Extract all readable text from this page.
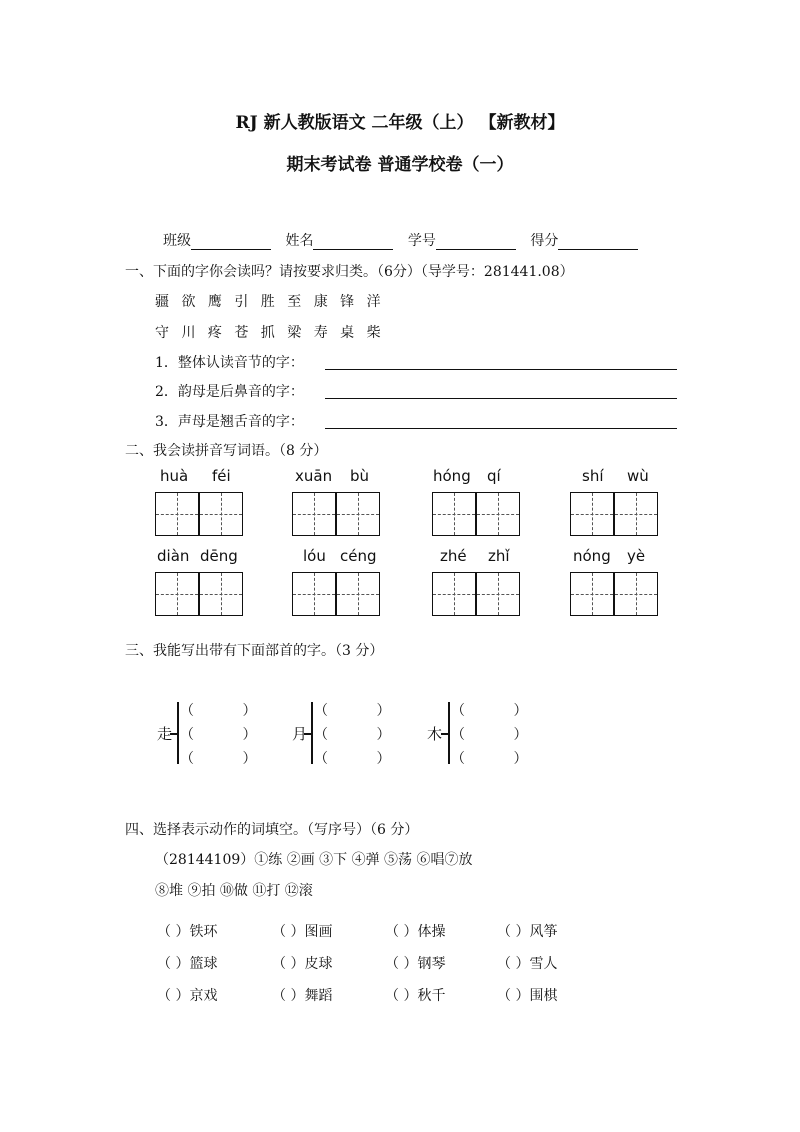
RJ 新人教版语文 二年级（上） 【新教材】
期末考试卷 普通学校卷（一）
班级	姓名	学号	得分
一、下面的字你会读吗？请按要求归类。（6分）（导学号：281441.08）
疆 欲 鹰 引 胜 至 康 锋 洋
守 川 疼 苍 抓 梁 寿 桌 柴
1．整体认读音节的字：
2．韵母是后鼻音的字：
3．声母是翘舌音的字：
二、我会读拼音写词语。（8 分）
huà féi	xuān bù	hóng qí	shí wù
diàn dēng	lóu céng	zhé zhǐ	nóng yè
三、我能写出带有下面部首的字。（3 分）
走
（ ）
（ ）
（ ）
月
（ ）
（ ）
（ ）
木
（ ）
（ ）
（ ）
四、选择表示动作的词填空。（写序号）（6 分）
（28144109）①练 ②画 ③下 ④弹 ⑤荡 ⑥唱⑦放
⑧堆 ⑨拍 ⑩做 ⑪打 ⑫滚
（ ）铁环	（ ）图画	（ ）体操	（ ）风筝
（ ）篮球	（ ）皮球	（ ）钢琴	（ ）雪人
（ ）京戏	（ ）舞蹈	（ ）秋千	（ ）围棋
